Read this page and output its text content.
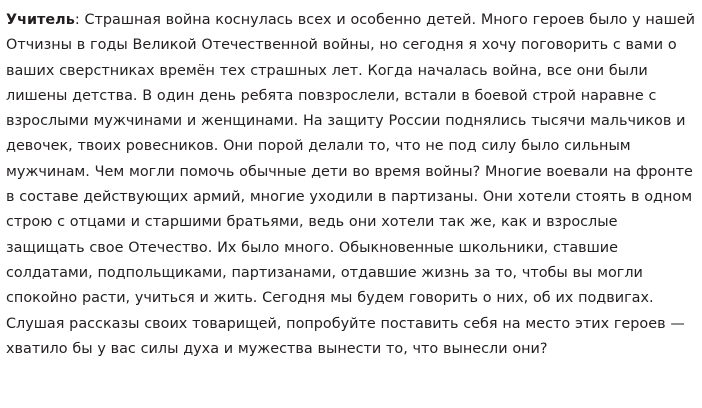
Учитель: Страшная война коснулась всех и особенно детей. Много героев было у нашей Отчизны в годы Великой Отечественной войны, но сегодня я хочу поговорить с вами о ваших сверстниках времён тех страшных лет. Когда началась война, все они были лишены детства. В один день ребята повзрослели, встали в боевой строй наравне с взрослыми мужчинами и женщинами. На защиту России поднялись тысячи мальчиков и девочек, твоих ровесников. Они порой делали то, что не под силу было сильным мужчинам. Чем могли помочь обычные дети во время войны? Многие воевали на фронте в составе действующих армий, многие уходили в партизаны. Они хотели стоять в одном строю с отцами и старшими братьями, ведь они хотели так же, как и взрослые защищать свое Отечество. Их было много. Обыкновенные школьники, ставшие солдатами, подпольщиками, партизанами, отдавшие жизнь за то, чтобы вы могли спокойно расти, учиться и жить. Сегодня мы будем говорить о них, об их подвигах. Слушая рассказы своих товарищей, попробуйте поставить себя на место этих героев — хватило бы у вас силы духа и мужества вынести то, что вынесли они?
